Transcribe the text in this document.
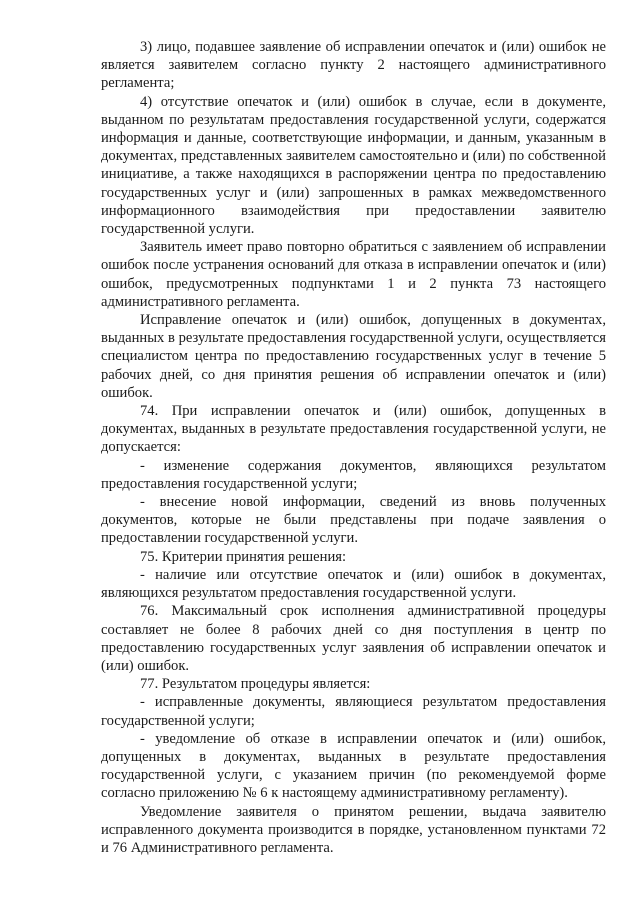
3) лицо, подавшее заявление об исправлении опечаток и (или) ошибок не является заявителем согласно пункту 2 настоящего административного регламента;

4) отсутствие опечаток и (или) ошибок в случае, если в документе, выданном по результатам предоставления государственной услуги, содержатся информация и данные, соответствующие информации, и данным, указанным в документах, представленных заявителем самостоятельно и (или) по собственной инициативе, а также находящихся в распоряжении центра по предоставлению государственных услуг и (или) запрошенных в рамках межведомственного информационного взаимодействия при предоставлении заявителю государственной услуги.

Заявитель имеет право повторно обратиться с заявлением об исправлении ошибок после устранения оснований для отказа в исправлении опечаток и (или) ошибок, предусмотренных подпунктами 1 и 2 пункта 73 настоящего административного регламента.

Исправление опечаток и (или) ошибок, допущенных в документах, выданных в результате предоставления государственной услуги, осуществляется специалистом центра по предоставлению государственных услуг в течение 5 рабочих дней, со дня принятия решения об исправлении опечаток и (или) ошибок.

74. При исправлении опечаток и (или) ошибок, допущенных в документах, выданных в результате предоставления государственной услуги, не допускается:

- изменение содержания документов, являющихся результатом предоставления государственной услуги;

- внесение новой информации, сведений из вновь полученных документов, которые не были представлены при подаче заявления о предоставлении государственной услуги.

75. Критерии принятия решения:

- наличие или отсутствие опечаток и (или) ошибок в документах, являющихся результатом предоставления государственной услуги.

76. Максимальный срок исполнения административной процедуры составляет не более 8 рабочих дней со дня поступления в центр по предоставлению государственных услуг заявления об исправлении опечаток и (или) ошибок.

77. Результатом процедуры является:

- исправленные документы, являющиеся результатом предоставления государственной услуги;

- уведомление об отказе в исправлении опечаток и (или) ошибок, допущенных в документах, выданных в результате предоставления государственной услуги, с указанием причин (по рекомендуемой форме согласно приложению № 6 к настоящему административному регламенту).

Уведомление заявителя о принятом решении, выдача заявителю исправленного документа производится в порядке, установленном пунктами 72 и 76 Административного регламента.
